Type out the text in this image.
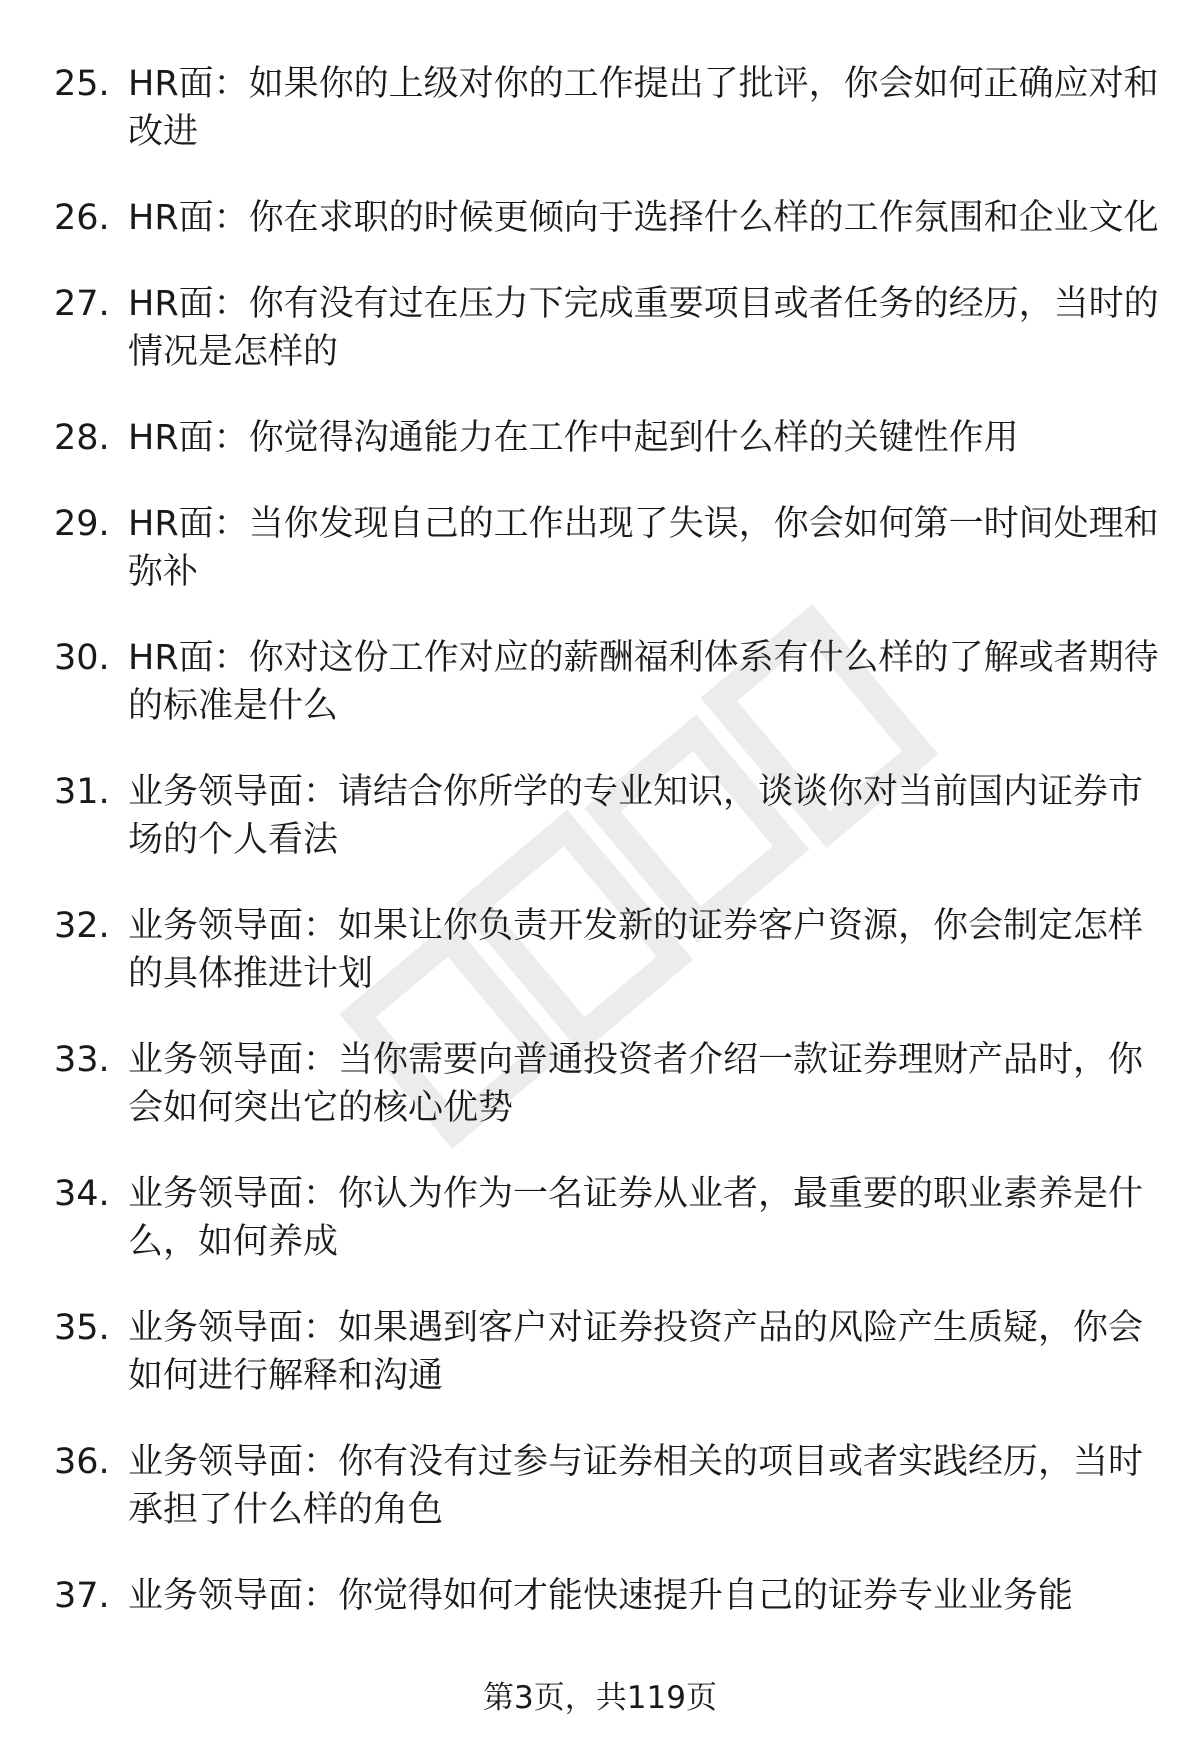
25. HR面：如果你的上级对你的工作提出了批评，你会如何正确应对和改进
26. HR面：你在求职的时候更倾向于选择什么样的工作氛围和企业文化
27. HR面：你有没有过在压力下完成重要项目或者任务的经历，当时的情况是怎样的
28. HR面：你觉得沟通能力在工作中起到什么样的关键性作用
29. HR面：当你发现自己的工作出现了失误，你会如何第一时间处理和弥补
30. HR面：你对这份工作对应的薪酬福利体系有什么样的了解或者期待的标准是什么
31. 业务领导面：请结合你所学的专业知识，谈谈你对当前国内证券市场的个人看法
32. 业务领导面：如果让你负责开发新的证券客户资源，你会制定怎样的具体推进计划
33. 业务领导面：当你需要向普通投资者介绍一款证券理财产品时，你会如何突出它的核心优势
34. 业务领导面：你认为作为一名证券从业者，最重要的职业素养是什么，如何养成
35. 业务领导面：如果遇到客户对证券投资产品的风险产生质疑，你会如何进行解释和沟通
36. 业务领导面：你有没有过参与证券相关的项目或者实践经历，当时承担了什么样的角色
37. 业务领导面：你觉得如何才能快速提升自己的证券专业业务能
第3页，共119页
